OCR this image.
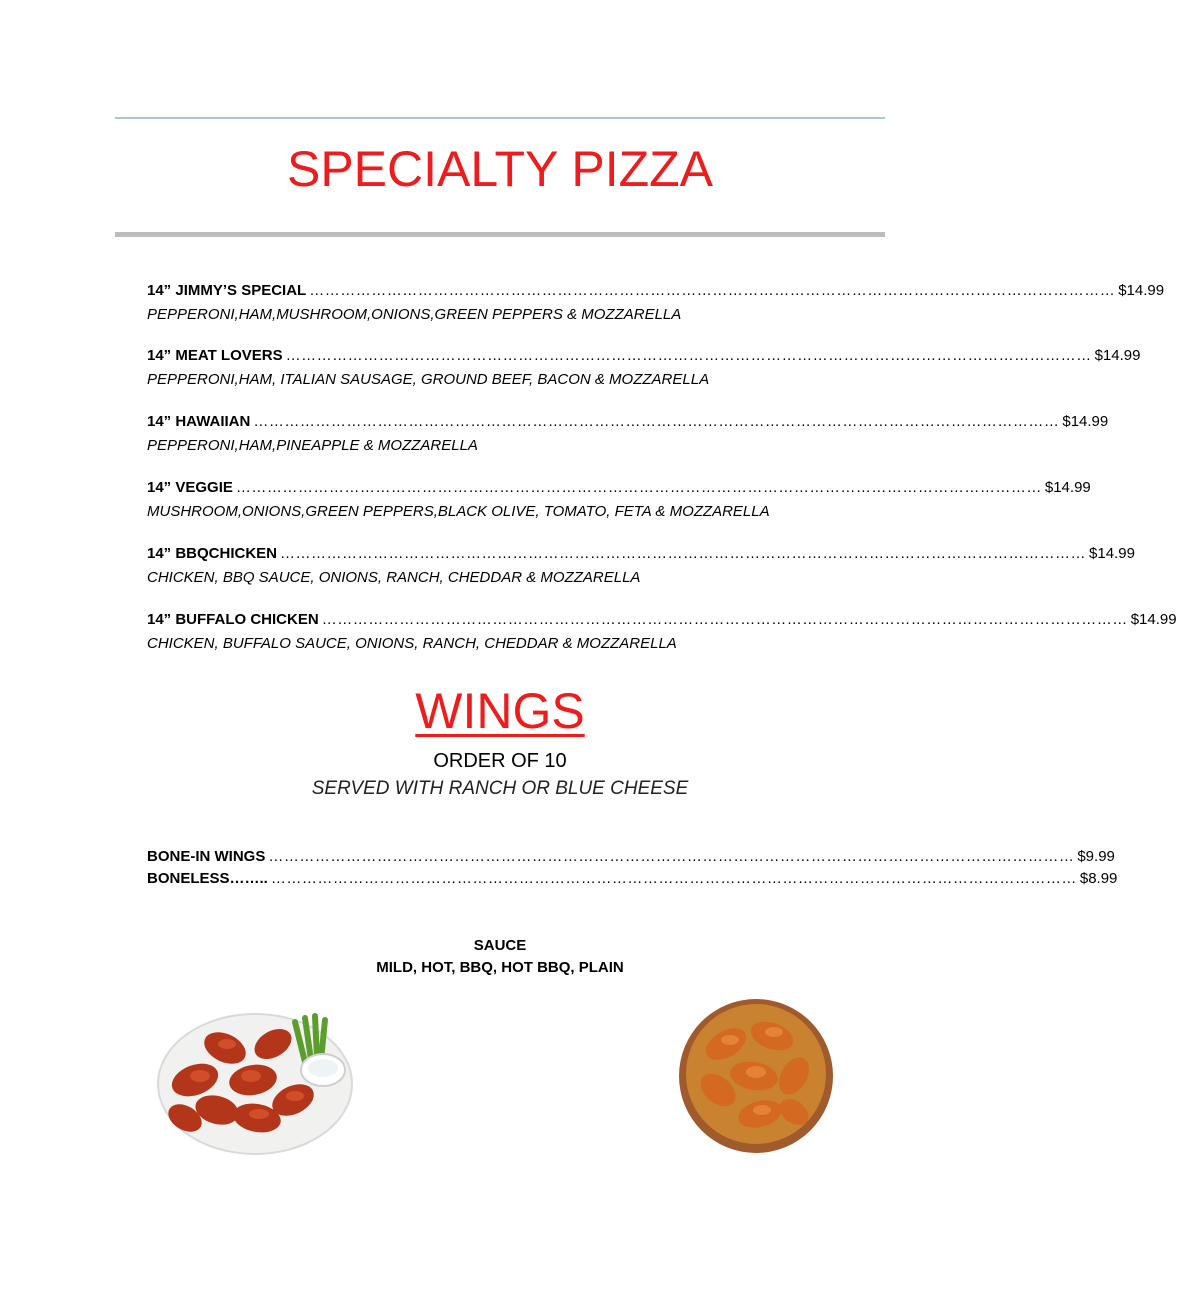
SPECIALTY PIZZA
14” JIMMY’S SPECIAL ………………………………………………………………………………………………………………………………………… $14.99
PEPPERONI,HAM,MUSHROOM,ONIONS,GREEN PEPPERS & MOZZARELLA
14” MEAT LOVERS ………………………………………………………………………………………………………………………………………… $14.99
PEPPERONI,HAM, ITALIAN SAUSAGE, GROUND BEEF, BACON & MOZZARELLA
14” HAWAIIAN ………………………………………………………………………………………………………………………………………… $14.99
PEPPERONI,HAM,PINEAPPLE & MOZZARELLA
14” VEGGIE ………………………………………………………………………………………………………………………………………… $14.99
MUSHROOM,ONIONS,GREEN PEPPERS,BLACK OLIVE, TOMATO, FETA & MOZZARELLA
14” BBQCHICKEN ………………………………………………………………………………………………………………………………………… $14.99
CHICKEN, BBQ SAUCE, ONIONS, RANCH, CHEDDAR & MOZZARELLA
14” BUFFALO CHICKEN ………………………………………………………………………………………………………………………………………… $14.99
CHICKEN, BUFFALO SAUCE, ONIONS, RANCH, CHEDDAR & MOZZARELLA
WINGS
ORDER OF 10
SERVED WITH RANCH OR BLUE CHEESE
BONE-IN WINGS ………………………………………………………………………………………………………………………………………… $9.99
BONELESS…….. ………………………………………………………………………………………………………………………………………… $8.99
SAUCE
MILD, HOT, BBQ, HOT BBQ, PLAIN
